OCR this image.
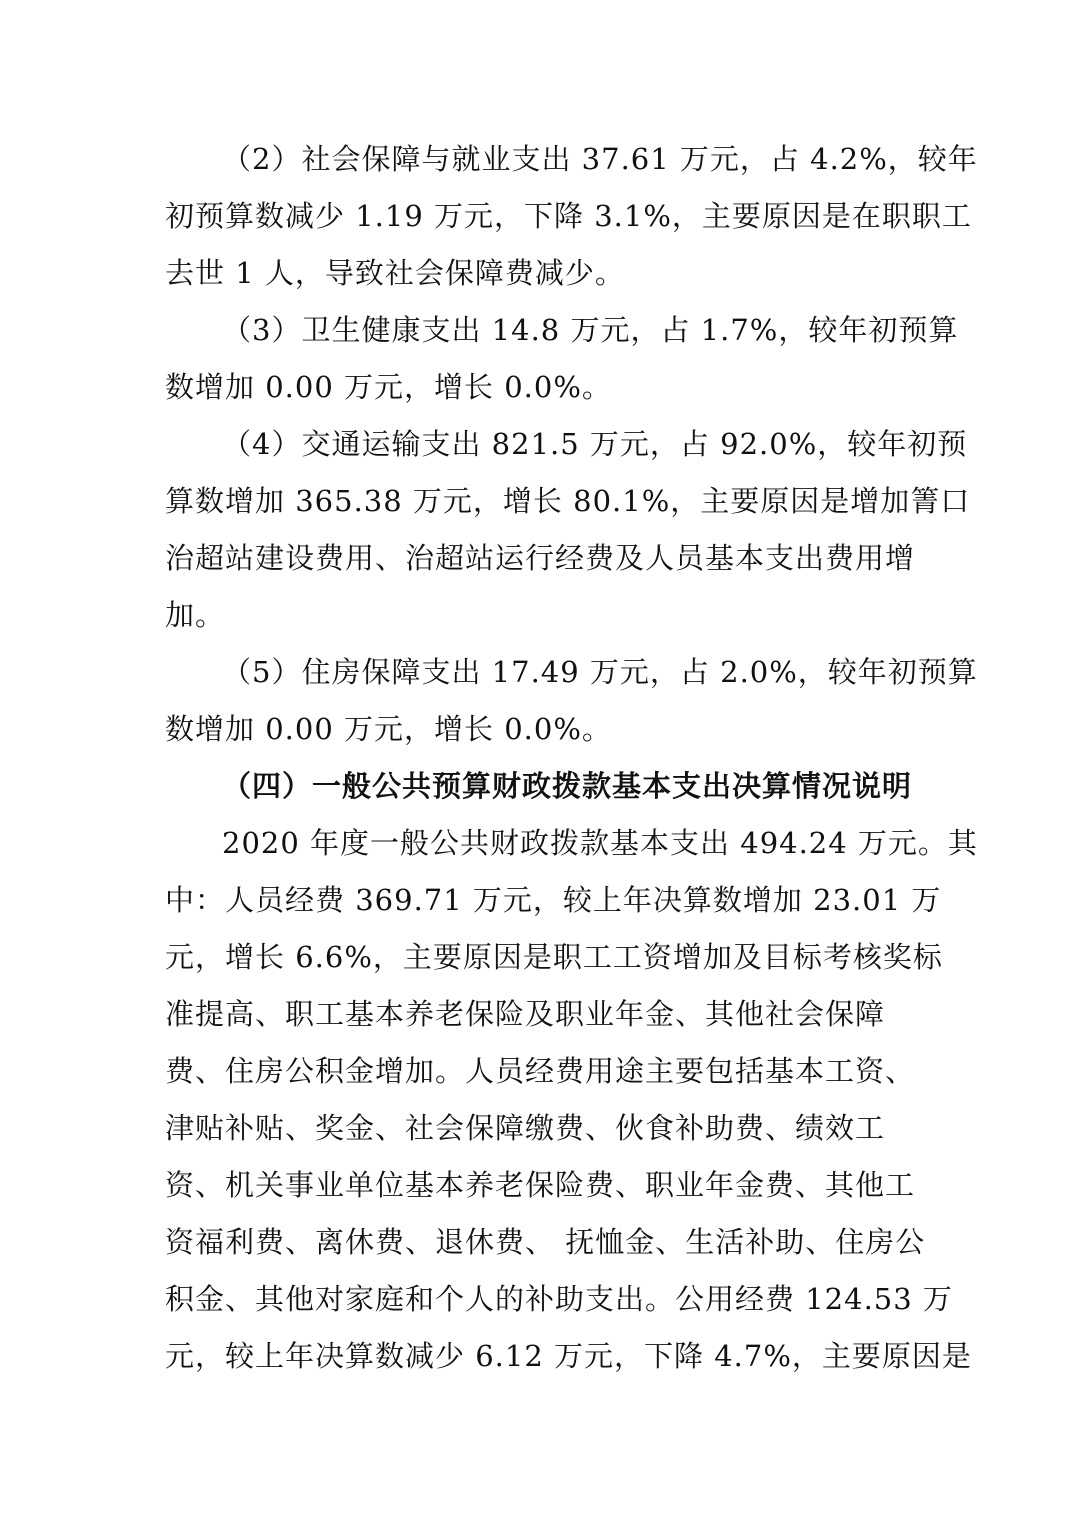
（2）社会保障与就业支出 37.61 万元，占 4.2%，较年
初预算数减少 1.19 万元，下降 3.1%，主要原因是在职职工
去世 1 人，导致社会保障费减少。
（3）卫生健康支出 14.8 万元，占 1.7%，较年初预算
数增加 0.00 万元，增长 0.0%。
（4）交通运输支出 821.5 万元，占 92.0%，较年初预
算数增加 365.38 万元，增长 80.1%，主要原因是增加箐口
治超站建设费用、治超站运行经费及人员基本支出费用增
加。
（5）住房保障支出 17.49 万元，占 2.0%，较年初预算
数增加 0.00 万元，增长 0.0%。
（四）一般公共预算财政拨款基本支出决算情况说明
2020 年度一般公共财政拨款基本支出 494.24 万元。其
中：人员经费 369.71 万元，较上年决算数增加 23.01 万
元，增长 6.6%，主要原因是职工工资增加及目标考核奖标
准提高、职工基本养老保险及职业年金、其他社会保障
费、住房公积金增加。人员经费用途主要包括基本工资、
津贴补贴、奖金、社会保障缴费、伙食补助费、绩效工
资、机关事业单位基本养老保险费、职业年金费、其他工
资福利费、离休费、退休费、 抚恤金、生活补助、住房公
积金、其他对家庭和个人的补助支出。公用经费 124.53 万
元，较上年决算数减少 6.12 万元，下降 4.7%，主要原因是
